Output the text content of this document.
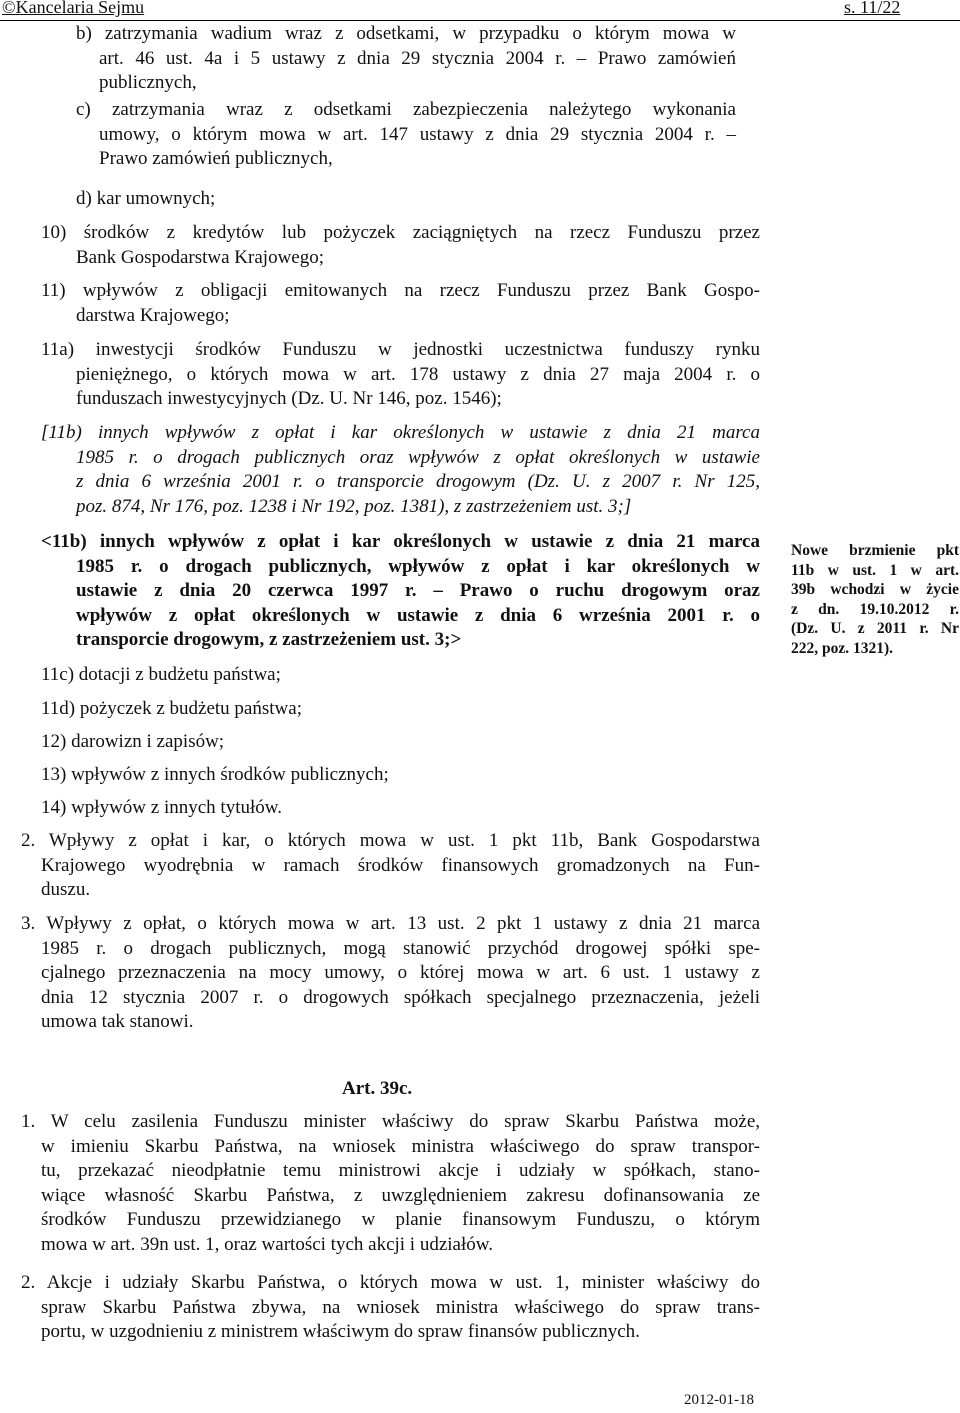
©Kancelaria Sejmu	s. 11/22
b) zatrzymania wadium wraz z odsetkami, w przypadku o którym mowa w
art. 46 ust. 4a i 5 ustawy z dnia 29 stycznia 2004 r. – Prawo zamówień
publicznych,
c) zatrzymania wraz z odsetkami zabezpieczenia należytego wykonania
umowy, o którym mowa w art. 147 ustawy z dnia 29 stycznia 2004 r. –
Prawo zamówień publicznych,
d) kar umownych;
10) środków z kredytów lub pożyczek zaciągniętych na rzecz Funduszu przez
Bank Gospodarstwa Krajowego;
11) wpływów z obligacji emitowanych na rzecz Funduszu przez Bank Gospo-
darstwa Krajowego;
11a) inwestycji środków Funduszu w jednostki uczestnictwa funduszy rynku
pieniężnego, o których mowa w art. 178 ustawy z dnia 27 maja 2004 r. o
funduszach inwestycyjnych (Dz. U. Nr 146, poz. 1546);
[11b) innych wpływów z opłat i kar określonych w ustawie z dnia 21 marca
1985 r. o drogach publicznych oraz wpływów z opłat określonych w ustawie
z dnia 6 września 2001 r. o transporcie drogowym (Dz. U. z 2007 r. Nr 125,
poz. 874, Nr 176, poz. 1238 i Nr 192, poz. 1381), z zastrzeżeniem ust. 3;]
<11b) innych wpływów z opłat i kar określonych w ustawie z dnia 21 marca
1985 r. o drogach publicznych, wpływów z opłat i kar określonych w
ustawie z dnia 20 czerwca 1997 r. – Prawo o ruchu drogowym oraz
wpływów z opłat określonych w ustawie z dnia 6 września 2001 r. o
transporcie drogowym, z zastrzeżeniem ust. 3;>
11c) dotacji z budżetu państwa;
11d) pożyczek z budżetu państwa;
12) darowizn i zapisów;
13) wpływów z innych środków publicznych;
14) wpływów z innych tytułów.
2. Wpływy z opłat i kar, o których mowa w ust. 1 pkt 11b, Bank Gospodarstwa
Krajowego wyodrębnia w ramach środków finansowych gromadzonych na Fun-
duszu.
3. Wpływy z opłat, o których mowa w art. 13 ust. 2 pkt 1 ustawy z dnia 21 marca
1985 r. o drogach publicznych, mogą stanowić przychód drogowej spółki spe-
cjalnego przeznaczenia na mocy umowy, o której mowa w art. 6 ust. 1 ustawy z
dnia 12 stycznia 2007 r. o drogowych spółkach specjalnego przeznaczenia, jeżeli
umowa tak stanowi.
Art. 39c.
1. W celu zasilenia Funduszu minister właściwy do spraw Skarbu Państwa może,
w imieniu Skarbu Państwa, na wniosek ministra właściwego do spraw transpor-
tu, przekazać nieodpłatnie temu ministrowi akcje i udziały w spółkach, stano-
wiące własność Skarbu Państwa, z uwzględnieniem zakresu dofinansowania ze
środków Funduszu przewidzianego w planie finansowym Funduszu, o którym
mowa w art. 39n ust. 1, oraz wartości tych akcji i udziałów.
2. Akcje i udziały Skarbu Państwa, o których mowa w ust. 1, minister właściwy do
spraw Skarbu Państwa zbywa, na wniosek ministra właściwego do spraw trans-
portu, w uzgodnieniu z ministrem właściwym do spraw finansów publicznych.
Nowe brzmienie pkt
11b w ust. 1 w art.
39b wchodzi w życie
z dn. 19.10.2012 r.
(Dz. U. z 2011 r. Nr
222, poz. 1321).
2012-01-18
